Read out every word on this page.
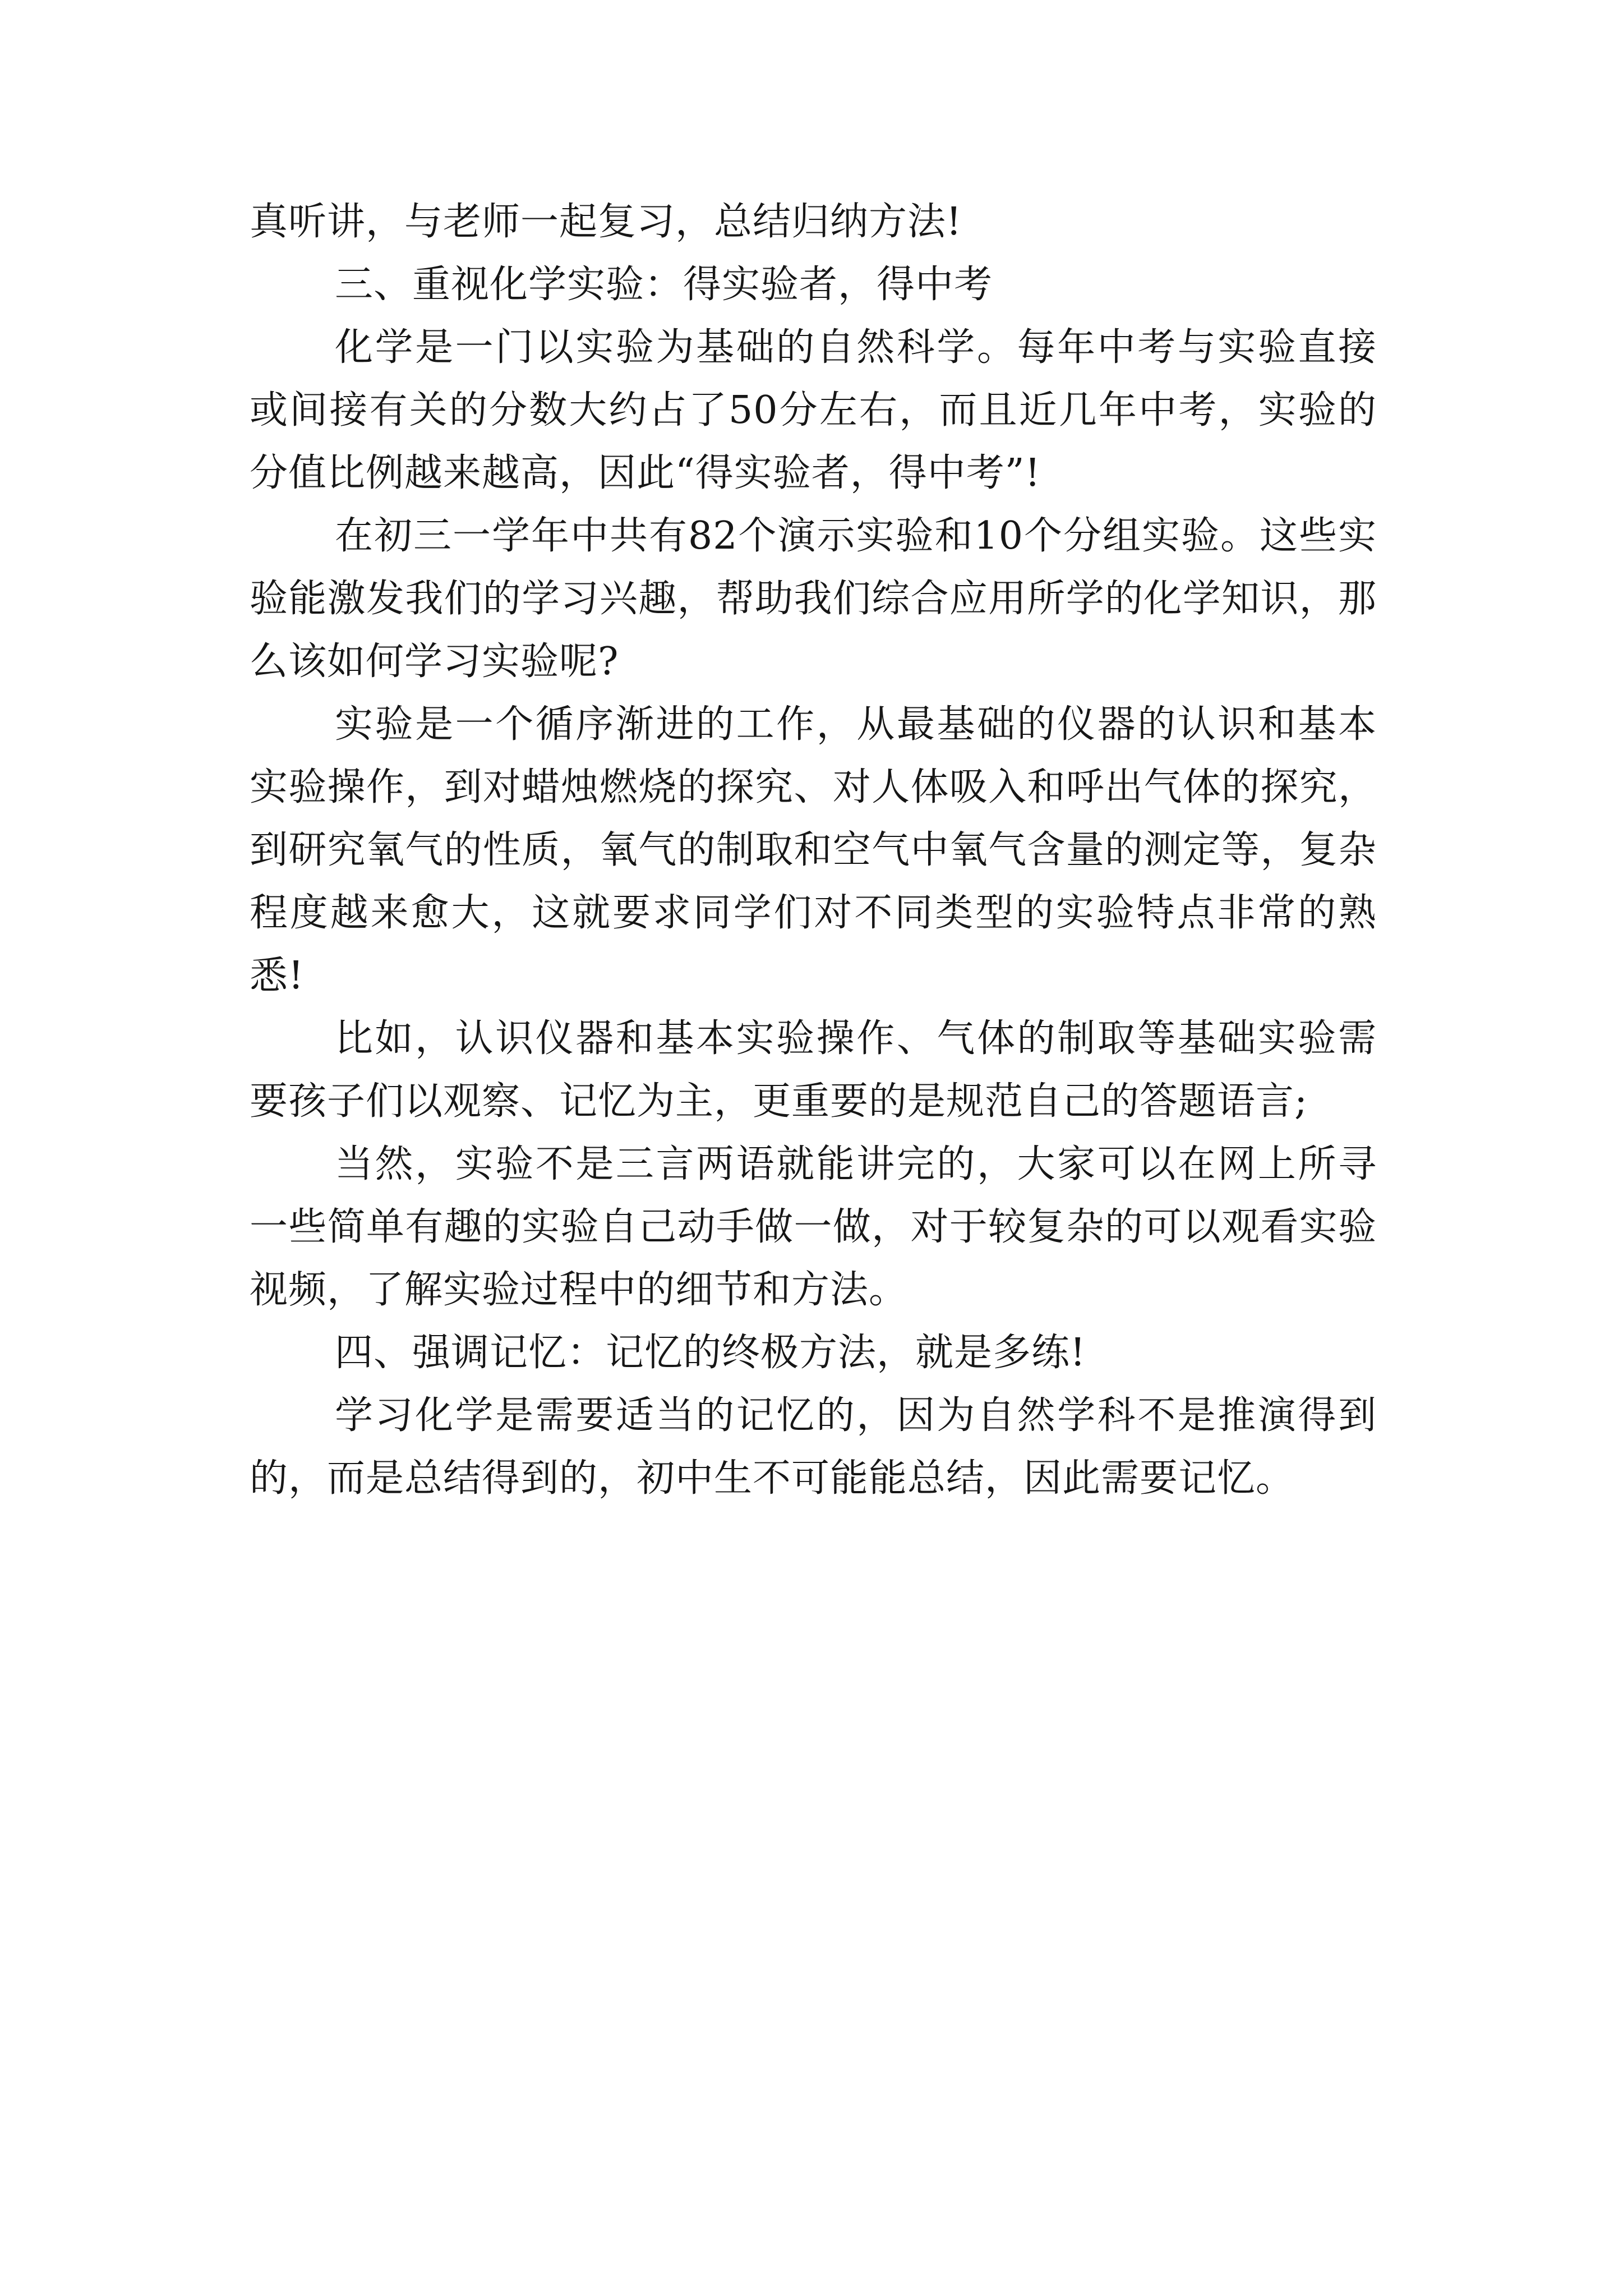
真听讲，与老师一起复习，总结归纳方法!

三、重视化学实验：得实验者，得中考

化学是一门以实验为基础的自然科学。每年中考与实验直接或间接有关的分数大约占了50分左右，而且近几年中考，实验的分值比例越来越高，因此“得实验者，得中考”!

在初三一学年中共有82个演示实验和10个分组实验。这些实验能激发我们的学习兴趣，帮助我们综合应用所学的化学知识，那么该如何学习实验呢?

实验是一个循序渐进的工作，从最基础的仪器的认识和基本实验操作，到对蜡烛燃烧的探究、对人体吸入和呼出气体的探究，到研究氧气的性质，氧气的制取和空气中氧气含量的测定等，复杂程度越来愈大，这就要求同学们对不同类型的实验特点非常的熟悉!

比如，认识仪器和基本实验操作、气体的制取等基础实验需要孩子们以观察、记忆为主，更重要的是规范自己的答题语言;

当然，实验不是三言两语就能讲完的，大家可以在网上所寻一些简单有趣的实验自己动手做一做，对于较复杂的可以观看实验视频，了解实验过程中的细节和方法。

四、强调记忆：记忆的终极方法，就是多练!

学习化学是需要适当的记忆的，因为自然学科不是推演得到的，而是总结得到的，初中生不可能能总结，因此需要记忆。
